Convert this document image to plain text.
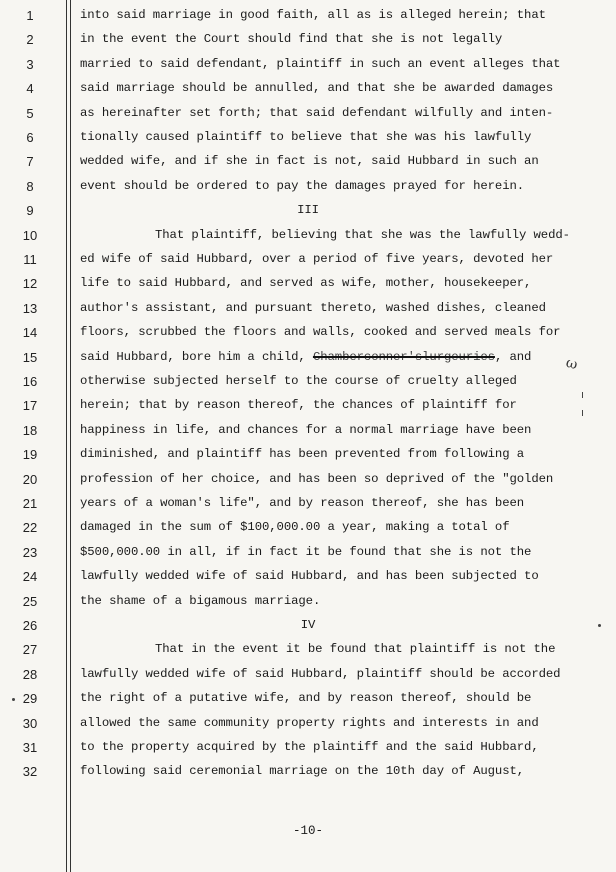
1	into said marriage in good faith, all as is alleged herein; that
2	in the event the Court should find that she is not legally
3	married to said defendant, plaintiff in such an event alleges that
4	said marriage should be annulled, and that she be awarded damages
5	as hereinafter set forth; that said defendant wilfully and inten-
6	tionally caused plaintiff to believe that she was his lawfully
7	wedded wife, and if she in fact is not, said Hubbard in such an
8	event should be ordered to pay the damages prayed for herein.
9	III
10	That plaintiff, believing that she was the lawfully wedd-
11	ed wife of said Hubbard, over a period of five years, devoted her
12	life to said Hubbard, and served as wife, mother, housekeeper,
13	author's assistant, and pursuant thereto, washed dishes, cleaned
14	floors, scrubbed the floors and walls, cooked and served meals for
15	said Hubbard, bore him a child, Chamberconner'slurgeuries, and
16	otherwise subjected herself to the course of cruelty alleged
17	herein; that by reason thereof, the chances of plaintiff for
18	happiness in life, and chances for a normal marriage have been
19	diminished, and plaintiff has been prevented from following a
20	profession of her choice, and has been so deprived of the "golden
21	years of a woman's life", and by reason thereof, she has been
22	damaged in the sum of $100,000.00 a year, making a total of
23	$500,000.00 in all, if in fact it be found that she is not the
24	lawfully wedded wife of said Hubbard, and has been subjected to
25	the shame of a bigamous marriage.
26	IV
27	That in the event it be found that plaintiff is not the
28	lawfully wedded wife of said Hubbard, plaintiff should be accorded
29	the right of a putative wife, and by reason thereof, should be
30	allowed the same community property rights and interests in and
31	to the property acquired by the plaintiff and the said Hubbard,
32	following said ceremonial marriage on the 10th day of August,
ω
-10-
